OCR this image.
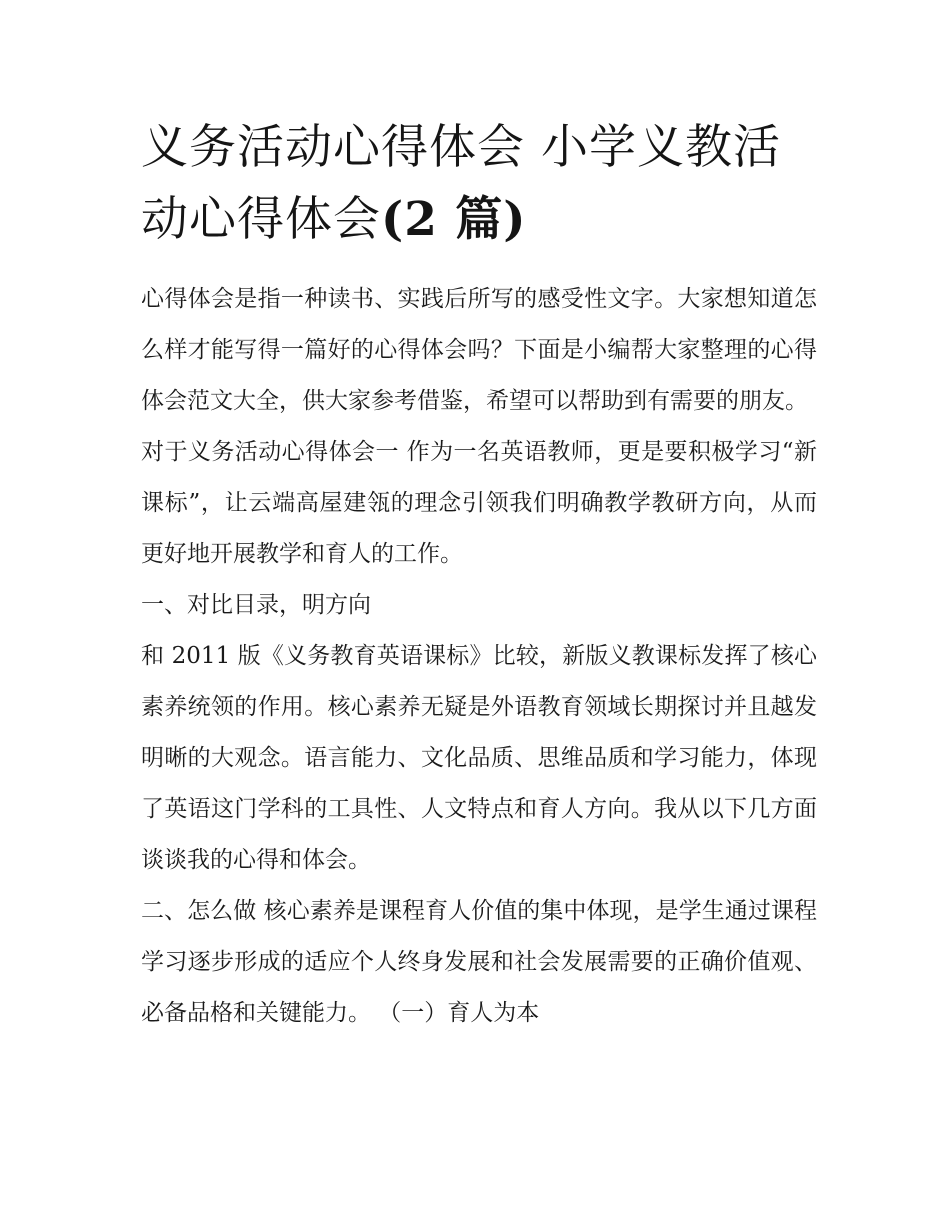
义务活动心得体会 小学义教活动心得体会(2 篇)

心得体会是指一种读书、实践后所写的感受性文字。大家想知道怎么样才能写得一篇好的心得体会吗？下面是小编帮大家整理的心得体会范文大全，供大家参考借鉴，希望可以帮助到有需要的朋友。

对于义务活动心得体会一 作为一名英语教师，更是要积极学习“新课标”，让云端高屋建瓴的理念引领我们明确教学教研方向，从而更好地开展教学和育人的工作。

一、对比目录，明方向

和 2011 版《义务教育英语课标》比较，新版义教课标发挥了核心素养统领的作用。核心素养无疑是外语教育领域长期探讨并且越发明晰的大观念。语言能力、文化品质、思维品质和学习能力，体现了英语这门学科的工具性、人文特点和育人方向。我从以下几方面谈谈我的心得和体会。

二、怎么做 核心素养是课程育人价值的集中体现，是学生通过课程学习逐步形成的适应个人终身发展和社会发展需要的正确价值观、必备品格和关键能力。 （一）育人为本
